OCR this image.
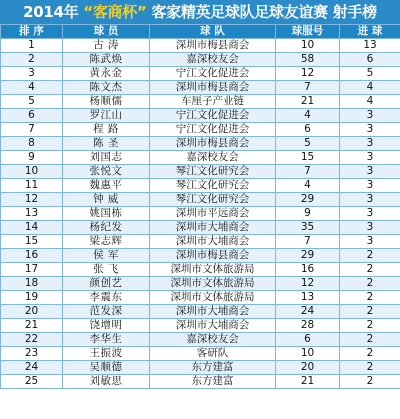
2014年 “客商杯” 客家精英足球队足球友谊赛 射手榜
排 序	球 员	球 队	球服号	进 球
1	古 涛	深圳市梅县商会	10	13
2	陈武焕	嘉深校友会	58	6
3	黄永金	宁江文化促进会	12	5
4	陈文杰	深圳市梅县商会	7	4
5	杨顺儒	车厘子产业链	21	4
6	罗江山	宁江文化促进会	4	3
7	程 路	宁江文化促进会	6	3
8	陈 圣	深圳市梅县商会	5	3
9	刘国志	嘉深校友会	15	3
10	张悦文	琴江文化研究会	7	3
11	魏惠平	琴江文化研究会	4	3
12	钟 威	琴江文化研究会	29	3
13	姚国栋	深圳市平远商会	9	3
14	杨纪发	深圳市大埔商会	35	3
15	梁志辉	深圳市大埔商会	7	3
16	侯 军	深圳市梅县商会	29	2
17	张 飞	深圳市文体旅游局	16	2
18	颜创艺	深圳市文体旅游局	12	2
19	李震东	深圳市文体旅游局	13	2
20	范发深	深圳市大埔商会	24	2
21	饶增明	深圳市大埔商会	28	2
22	李华生	嘉深校友会	6	2
23	王振波	客研队	10	2
24	吴顺德	东方建富	20	2
25	刘敏思	东方建富	21	2
